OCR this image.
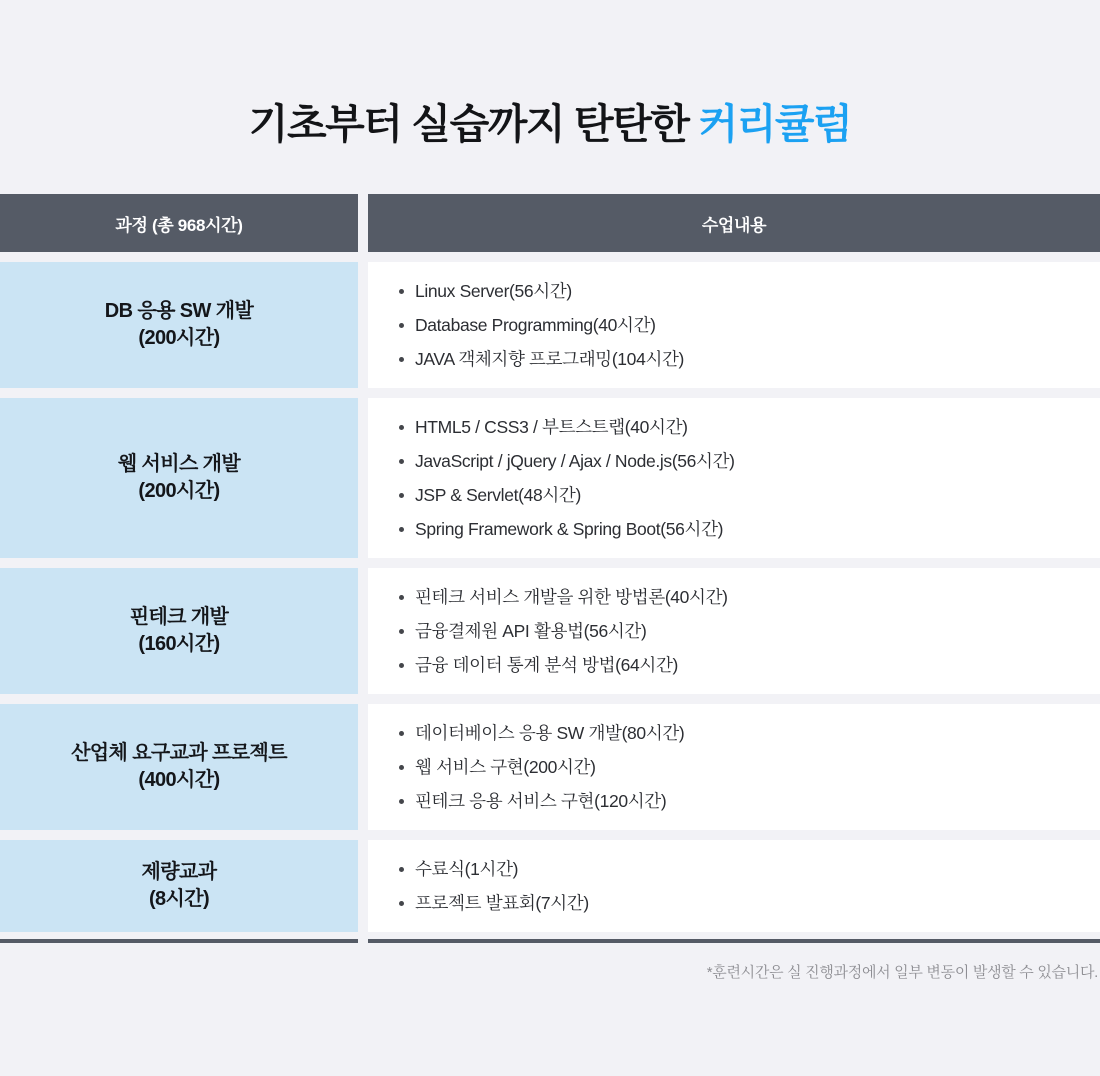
기초부터 실습까지 탄탄한 커리큘럼
과정 (총 968시간)	수업내용
DB 응용 SW 개발
(200시간)
Linux Server(56시간)
Database Programming(40시간)
JAVA 객체지향 프로그래밍(104시간)
웹 서비스 개발
(200시간)
HTML5 / CSS3 / 부트스트랩(40시간)
JavaScript / jQuery / Ajax / Node.js(56시간)
JSP & Servlet(48시간)
Spring Framework & Spring Boot(56시간)
핀테크 개발
(160시간)
핀테크 서비스 개발을 위한 방법론(40시간)
금융결제원 API 활용법(56시간)
금융 데이터 통계 분석 방법(64시간)
산업체 요구교과 프로젝트
(400시간)
데이터베이스 응용 SW 개발(80시간)
웹 서비스 구현(200시간)
핀테크 응용 서비스 구현(120시간)
제량교과
(8시간)
수료식(1시간)
프로젝트 발표회(7시간)
*훈련시간은 실 진행과정에서 일부 변동이 발생할 수 있습니다.
